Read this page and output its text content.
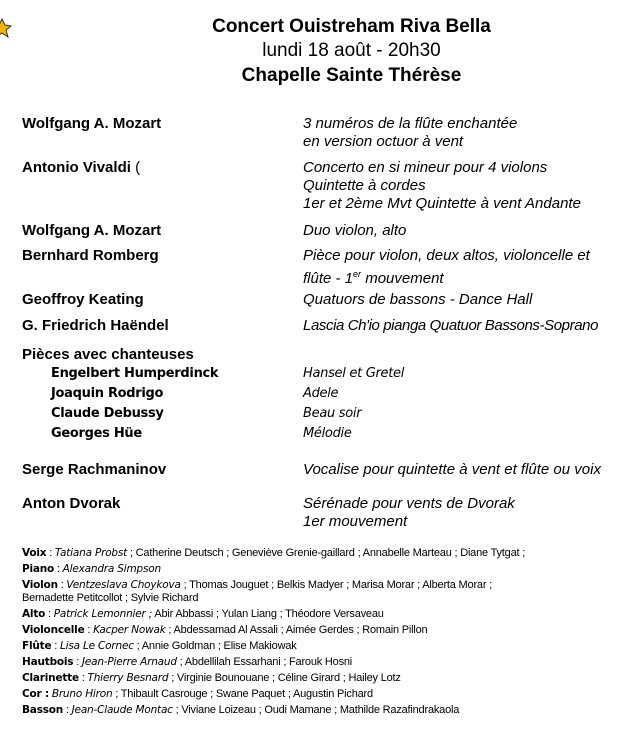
Concert Ouistreham Riva Bella
lundi 18 août - 20h30
Chapelle Sainte Thérèse
Wolfgang A. Mozart	3 numéros de la flûte enchantée
en version octuor à vent
Antonio Vivaldi (	Concerto en si mineur pour 4 violons
Quintette à cordes
1er et 2ème Mvt Quintette à vent Andante
Wolfgang A. Mozart	Duo violon, alto
Bernhard Romberg	Pièce pour violon, deux altos, violoncelle et
flûte - 1er mouvement
Geoffroy Keating	Quatuors de bassons - Dance Hall
G. Friedrich Haëndel	Lascia Ch'io pianga Quatuor Bassons-Soprano
Pièces avec chanteuses
Engelbert Humperdinck	Hansel et Gretel
Joaquin Rodrigo	Adele
Claude Debussy	Beau soir
Georges Hüe	Mélodie
Serge Rachmaninov	Vocalise pour quintette à vent et flûte ou voix
Anton Dvorak	Sérénade pour vents de Dvorak
1er mouvement
Voix : Tatiana Probst ; Catherine Deutsch ; Geneviève Grenie-gaillard ; Annabelle Marteau ; Diane Tytgat ;
Piano : Alexandra Simpson
Violon : Ventzeslava Choykova ; Thomas Jouguet ; Belkis Madyer ; Marisa Morar ; Alberta Morar ;
Bernadette Petitcollot ; Sylvie Richard
Alto : Patrick Lemonnier ; Abir Abbassi ; Yulan Liang ; Théodore Versaveau
Violoncelle : Kacper Nowak ; Abdessamad Al Assali ; Aimée Gerdes ; Romain Pillon
Flûte : Lisa Le Cornec ; Annie Goldman ; Elise Makiowak
Hautbois : Jean-Pierre Arnaud ; Abdellilah Essarhani ; Farouk Hosni
Clarinette : Thierry Besnard ; Virginie Bounouane ; Céline Girard ; Hailey Lotz
Cor : Bruno Hiron ; Thibault Casrouge ; Swane Paquet ; Augustin Pichard
Basson : Jean-Claude Montac ; Viviane Loizeau ; Oudi Mamane ; Mathilde Razafindrakaola
